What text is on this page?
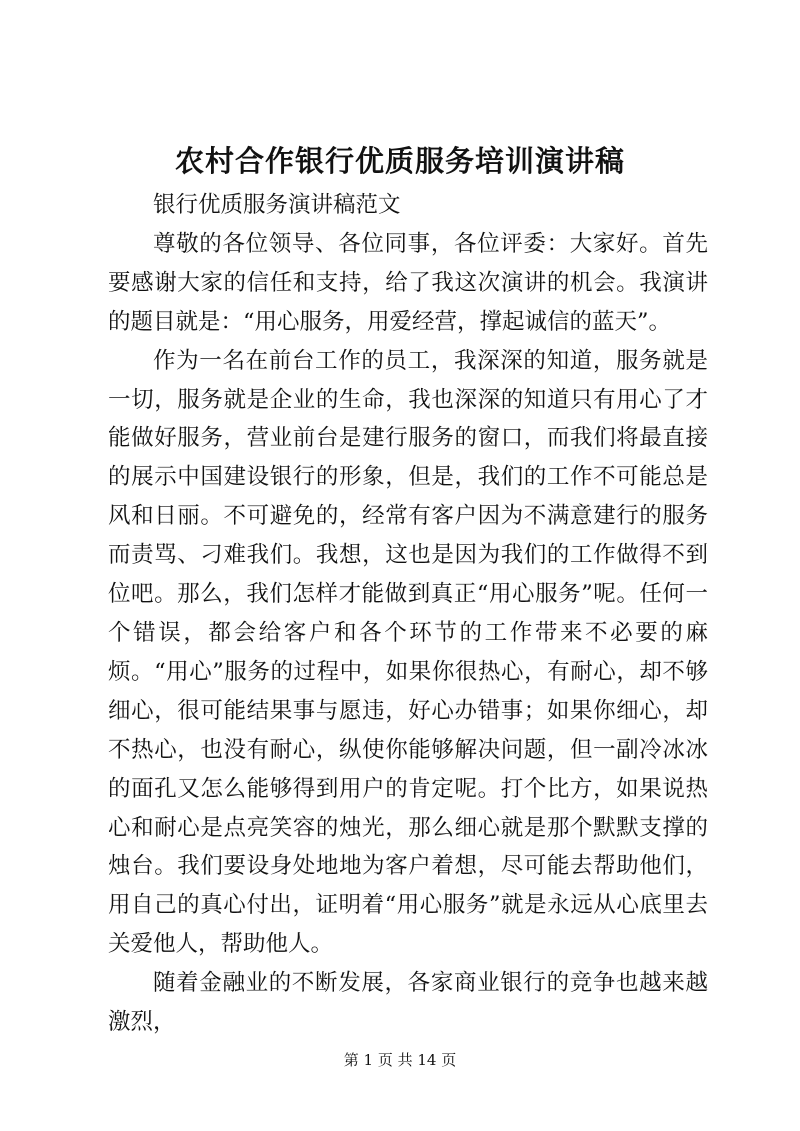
农村合作银行优质服务培训演讲稿

银行优质服务演讲稿范文

尊敬的各位领导、各位同事，各位评委：大家好。首先要感谢大家的信任和支持，给了我这次演讲的机会。我演讲的题目就是：“用心服务，用爱经营，撑起诚信的蓝天”。

作为一名在前台工作的员工，我深深的知道，服务就是一切，服务就是企业的生命，我也深深的知道只有用心了才能做好服务，营业前台是建行服务的窗口，而我们将最直接的展示中国建设银行的形象，但是，我们的工作不可能总是风和日丽。不可避免的，经常有客户因为不满意建行的服务而责骂、刁难我们。我想，这也是因为我们的工作做得不到位吧。那么，我们怎样才能做到真正“用心服务”呢。任何一个错误，都会给客户和各个环节的工作带来不必要的麻烦。“用心”服务的过程中，如果你很热心，有耐心，却不够细心，很可能结果事与愿违，好心办错事；如果你细心，却不热心，也没有耐心，纵使你能够解决问题，但一副冷冰冰的面孔又怎么能够得到用户的肯定呢。打个比方，如果说热心和耐心是点亮笑容的烛光，那么细心就是那个默默支撑的烛台。我们要设身处地地为客户着想，尽可能去帮助他们，用自己的真心付出，证明着“用心服务”就是永远从心底里去关爱他人，帮助他人。

随着金融业的不断发展，各家商业银行的竞争也越来越激烈，

第 1 页 共 14 页
